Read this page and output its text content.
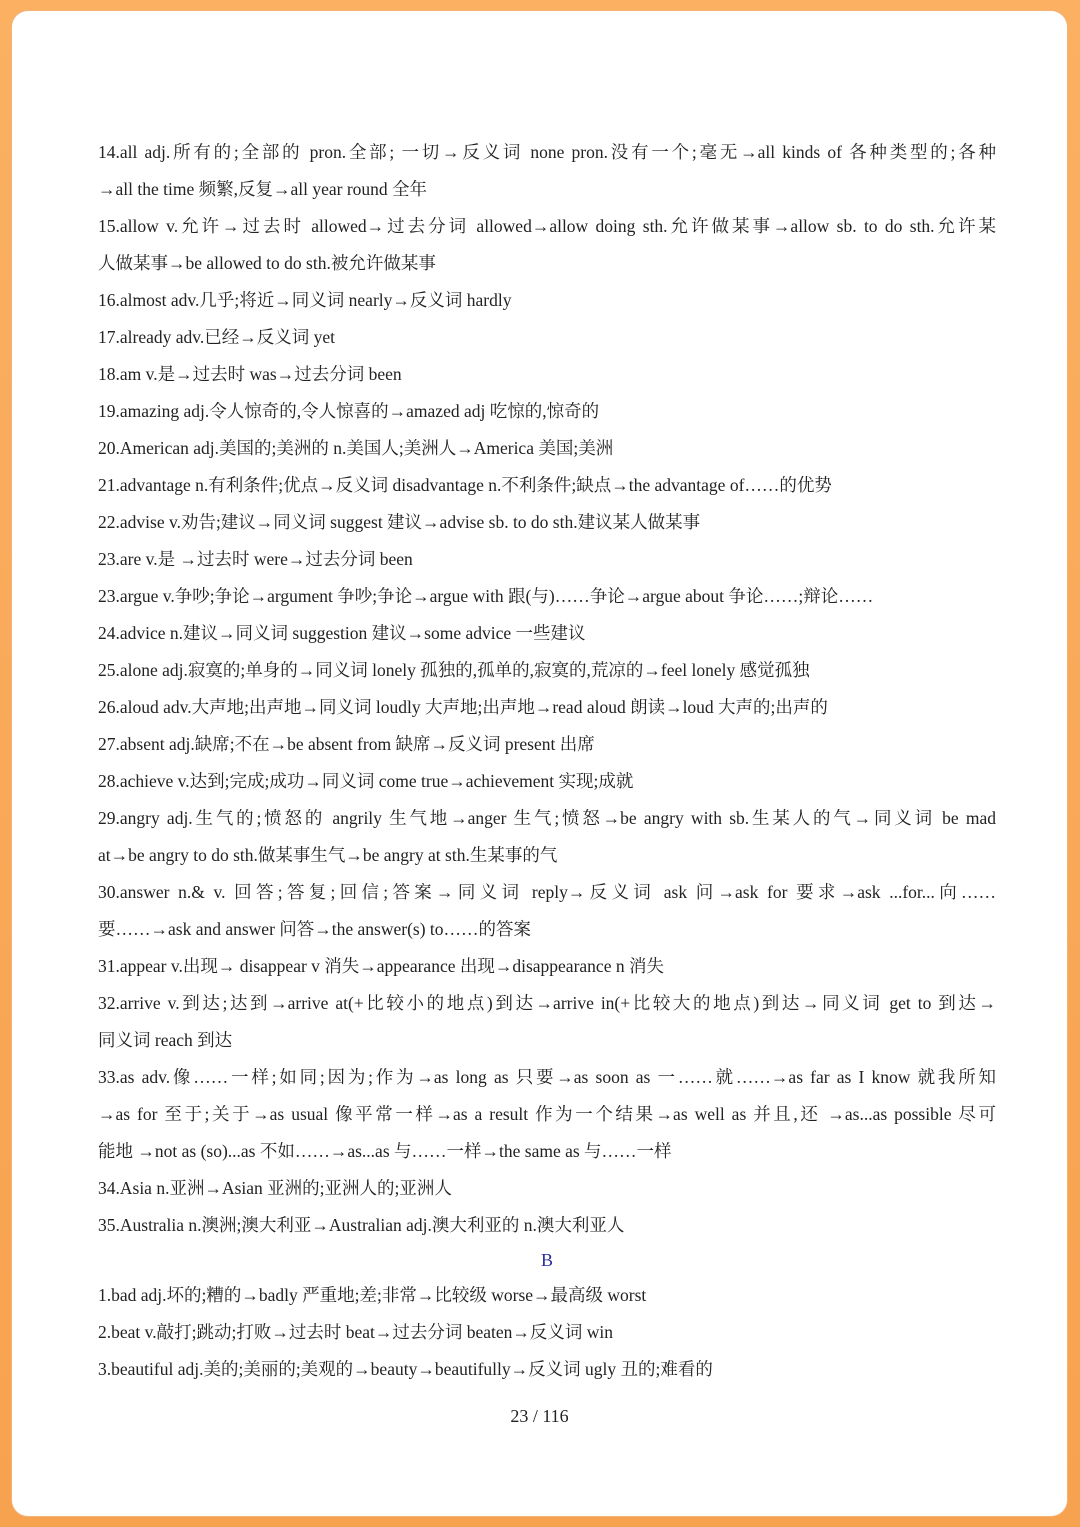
14.all adj.所有的;全部的 pron.全部; 一切→反义词 none pron.没有一个;毫无→all kinds of 各种类型的;各种
→all the time 频繁,反复→all year round 全年
15.allow v.允许→过去时 allowed→过去分词 allowed→allow doing sth.允许做某事→allow sb. to do sth.允许某
人做某事→be allowed to do sth.被允许做某事
16.almost adv.几乎;将近→同义词 nearly→反义词 hardly
17.already adv.已经→反义词 yet
18.am v.是→过去时 was→过去分词 been
19.amazing adj.令人惊奇的,令人惊喜的→amazed adj 吃惊的,惊奇的
20.American adj.美国的;美洲的 n.美国人;美洲人→America 美国;美洲
21.advantage n.有利条件;优点→反义词 disadvantage n.不利条件;缺点→the advantage of……的优势
22.advise v.劝告;建议→同义词 suggest 建议→advise sb. to do sth.建议某人做某事
23.are v.是 →过去时 were→过去分词 been
23.argue v.争吵;争论→argument 争吵;争论→argue with 跟(与)……争论→argue about 争论……;辩论……
24.advice n.建议→同义词 suggestion 建议→some advice 一些建议
25.alone adj.寂寞的;单身的→同义词 lonely 孤独的,孤单的,寂寞的,荒凉的→feel lonely 感觉孤独
26.aloud adv.大声地;出声地→同义词 loudly 大声地;出声地→read aloud 朗读→loud 大声的;出声的
27.absent adj.缺席;不在→be absent from 缺席→反义词 present 出席
28.achieve v.达到;完成;成功→同义词 come true→achievement 实现;成就
29.angry adj.生气的;愤怒的 angrily 生气地→anger 生气;愤怒→be angry with sb.生某人的气→同义词 be mad
at→be angry to do sth.做某事生气→be angry at sth.生某事的气
30.answer n.& v. 回答;答复;回信;答案→同义词 reply→反义词 ask 问→ask for 要求→ask ...for...向……
要……→ask and answer 问答→the answer(s) to……的答案
31.appear v.出现→ disappear v 消失→appearance 出现→disappearance n 消失
32.arrive v.到达;达到→arrive at(+比较小的地点)到达→arrive in(+比较大的地点)到达→同义词 get to 到达→
同义词 reach 到达
33.as adv.像……一样;如同;因为;作为→as long as 只要→as soon as 一……就……→as far as I know 就我所知
→as for 至于;关于→as usual 像平常一样→as a result 作为一个结果→as well as 并且,还 →as...as possible 尽可
能地 →not as (so)...as 不如……→as...as 与……一样→the same as 与……一样
34.Asia n.亚洲→Asian 亚洲的;亚洲人的;亚洲人
35.Australia n.澳洲;澳大利亚→Australian adj.澳大利亚的 n.澳大利亚人
B
1.bad adj.坏的;糟的→badly 严重地;差;非常→比较级 worse→最高级 worst
2.beat v.敲打;跳动;打败→过去时 beat→过去分词 beaten→反义词 win
3.beautiful adj.美的;美丽的;美观的→beauty→beautifully→反义词 ugly 丑的;难看的
23 / 116
